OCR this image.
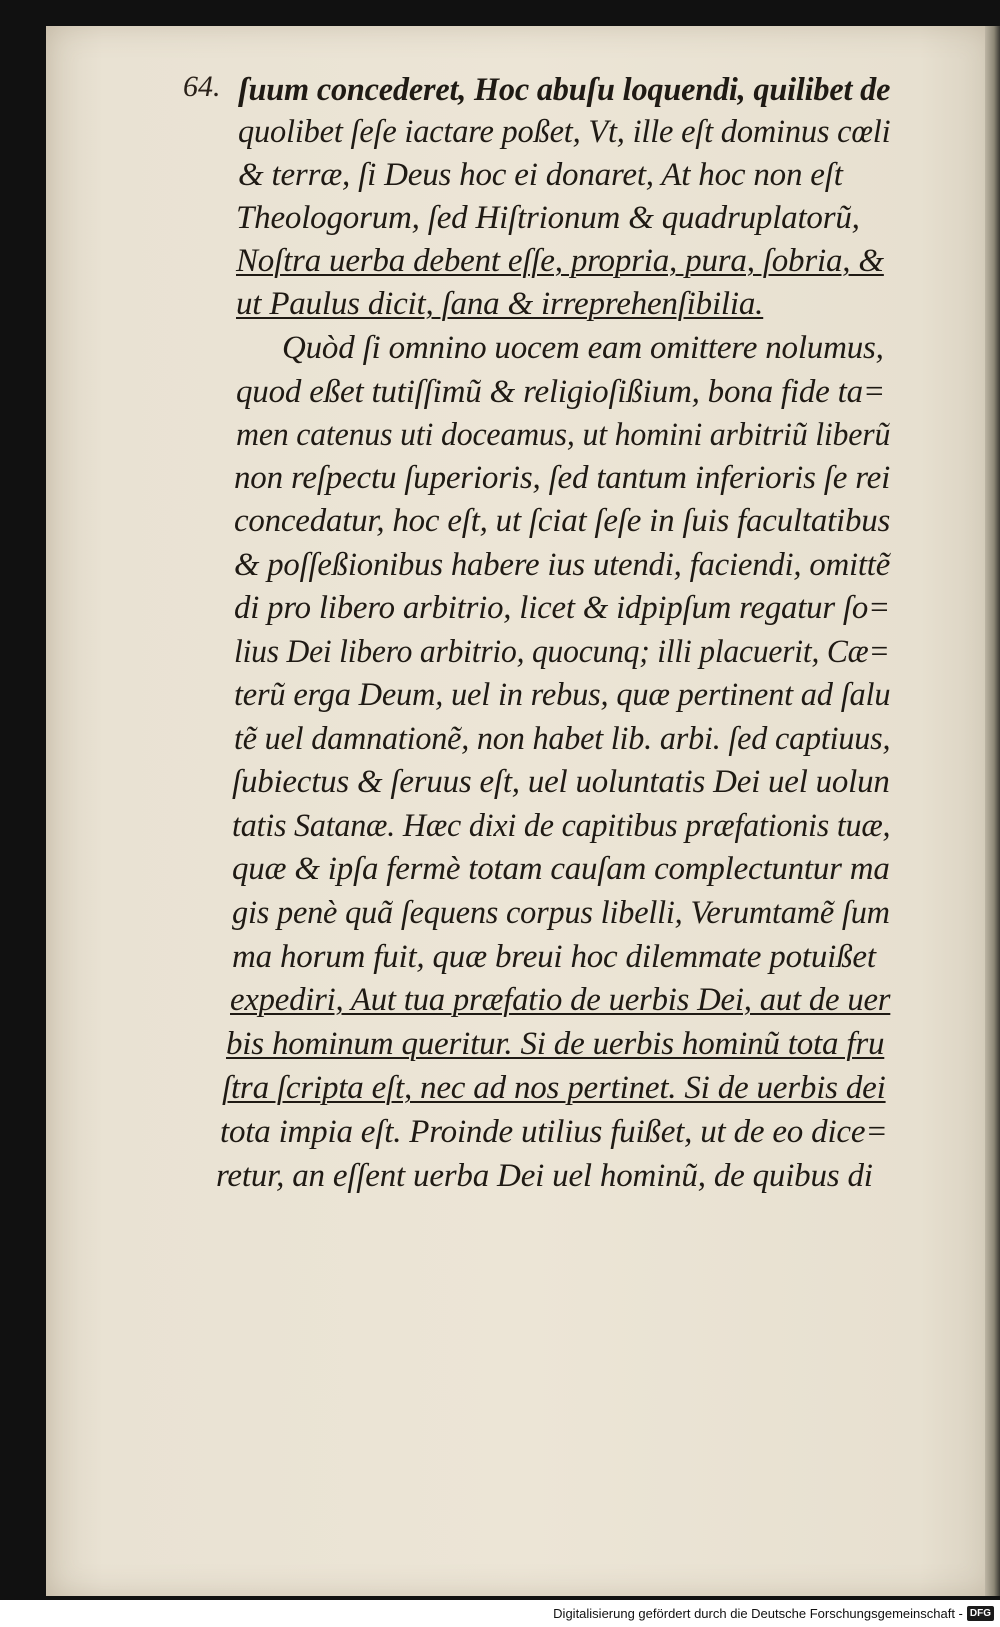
64. ſuum concederet, Hoc abuſu loquendi, quilibet de
quolibet ſeſe iactare poßet, Vt, ille eſt dominus cœli
& terræ, ſi Deus hoc ei donaret, At hoc non eſt
Theologorum, ſed Hiſtrionum & quadruplatorũ,
Noſtra uerba debent eſſe, propria, pura, ſobria, &
ut Paulus dicit, ſana & irreprehenſibilia.
Quòd ſi omnino uocem eam omittere nolumus,
quod eßet tutiſſimũ & religioſißium, bona fide ta=
men catenus uti doceamus, ut homini arbitriũ liberũ
non reſpectu ſuperioris, ſed tantum inferioris ſe rei
concedatur, hoc eſt, ut ſciat ſeſe in ſuis facultatibus
& poſſeßionibus habere ius utendi, faciendi, omittẽ
di pro libero arbitrio, licet & idpipſum regatur ſo=
lius Dei libero arbitrio, quocunq; illi placuerit, Cæ=
terũ erga Deum, uel in rebus, quæ pertinent ad ſalu
tẽ uel damnationẽ, non habet lib. arbi. ſed captiuus,
ſubiectus & ſeruus eſt, uel uoluntatis Dei uel uolun
tatis Satanæ. Hæc dixi de capitibus præfationis tuæ,
quæ & ipſa fermè totam cauſam complectuntur ma
gis penè quã ſequens corpus libelli, Verumtamẽ ſum
ma horum fuit, quæ breui hoc dilemmate potuißet
expediri, Aut tua præfatio de uerbis Dei, aut de uer
bis hominum queritur. Si de uerbis hominũ tota fru
ſtra ſcripta eſt, nec ad nos pertinet. Si de uerbis dei
tota impia eſt. Proinde utilius fuißet, ut de eo dice=
retur, an eſſent uerba Dei uel hominũ, de quibus di
Digitalisierung gefördert durch die Deutsche Forschungsgemeinschaft - DFG
